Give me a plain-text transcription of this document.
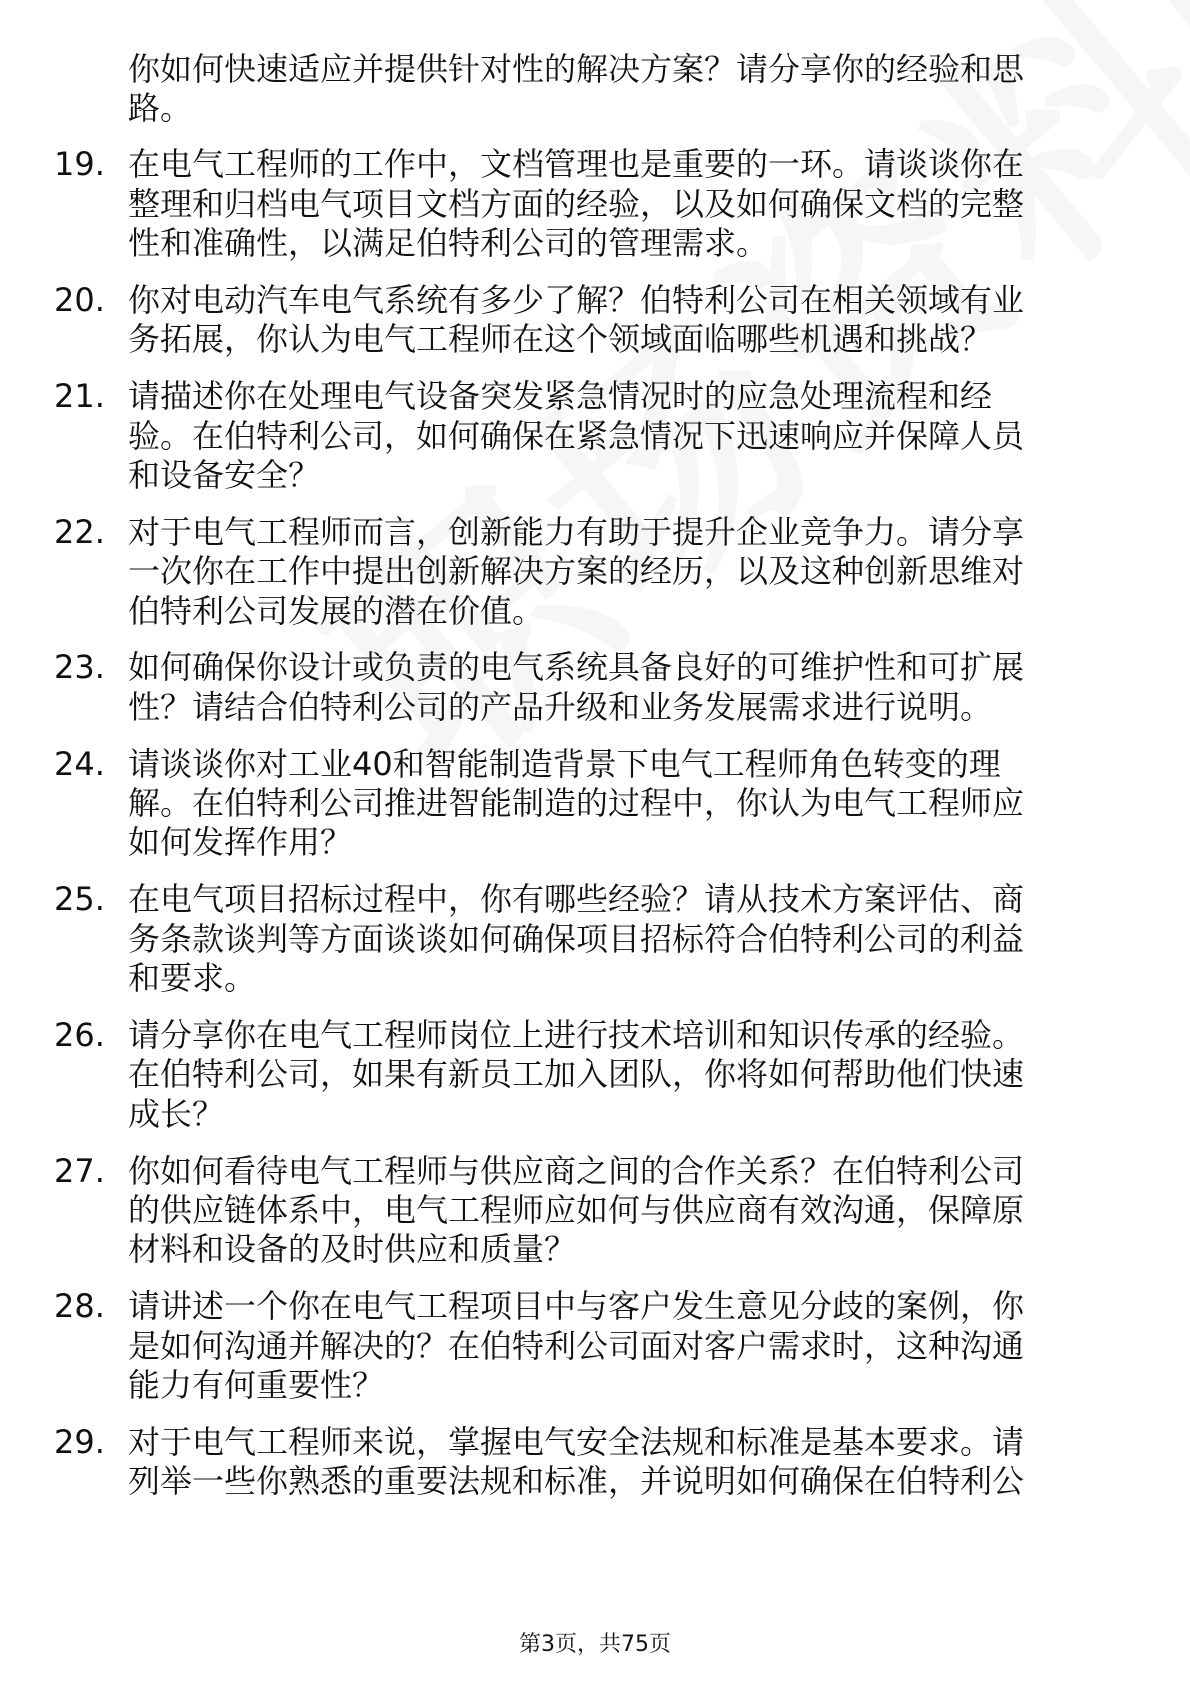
你如何快速适应并提供针对性的解决方案？请分享你的经验和思
路。
19. 在电气工程师的工作中，文档管理也是重要的一环。请谈谈你在
整理和归档电气项目文档方面的经验，以及如何确保文档的完整
性和准确性，以满足伯特利公司的管理需求。
20. 你对电动汽车电气系统有多少了解？伯特利公司在相关领域有业
务拓展，你认为电气工程师在这个领域面临哪些机遇和挑战？
21. 请描述你在处理电气设备突发紧急情况时的应急处理流程和经
验。在伯特利公司，如何确保在紧急情况下迅速响应并保障人员
和设备安全？
22. 对于电气工程师而言，创新能力有助于提升企业竞争力。请分享
一次你在工作中提出创新解决方案的经历，以及这种创新思维对
伯特利公司发展的潜在价值。
23. 如何确保你设计或负责的电气系统具备良好的可维护性和可扩展
性？请结合伯特利公司的产品升级和业务发展需求进行说明。
24. 请谈谈你对工业40和智能制造背景下电气工程师角色转变的理
解。在伯特利公司推进智能制造的过程中，你认为电气工程师应
如何发挥作用？
25. 在电气项目招标过程中，你有哪些经验？请从技术方案评估、商
务条款谈判等方面谈谈如何确保项目招标符合伯特利公司的利益
和要求。
26. 请分享你在电气工程师岗位上进行技术培训和知识传承的经验。
在伯特利公司，如果有新员工加入团队，你将如何帮助他们快速
成长？
27. 你如何看待电气工程师与供应商之间的合作关系？在伯特利公司
的供应链体系中，电气工程师应如何与供应商有效沟通，保障原
材料和设备的及时供应和质量？
28. 请讲述一个你在电气工程项目中与客户发生意见分歧的案例，你
是如何沟通并解决的？在伯特利公司面对客户需求时，这种沟通
能力有何重要性？
29. 对于电气工程师来说，掌握电气安全法规和标准是基本要求。请
列举一些你熟悉的重要法规和标准，并说明如何确保在伯特利公
第3页，共75页
